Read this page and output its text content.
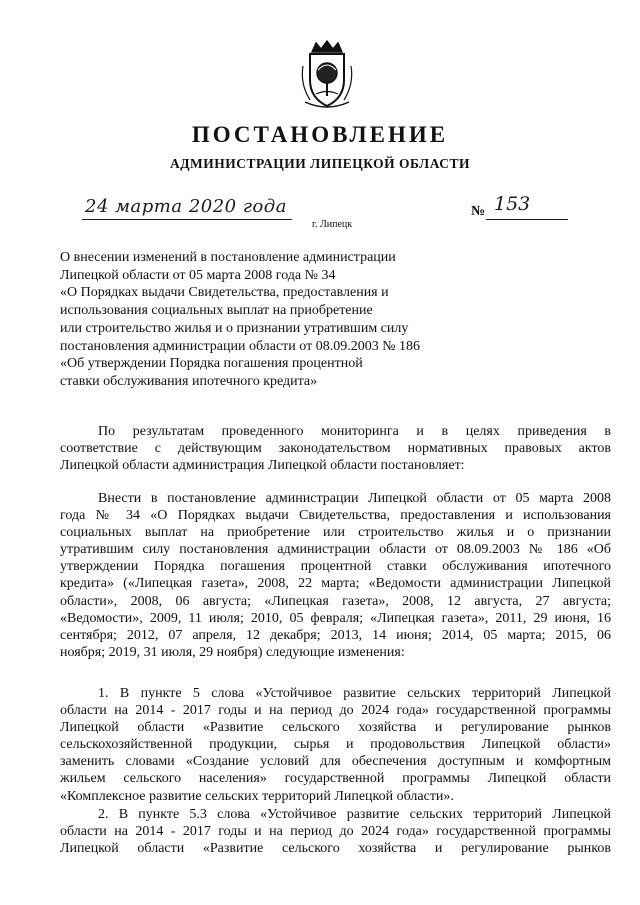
ПОСТАНОВЛЕНИЕ
АДМИНИСТРАЦИИ ЛИПЕЦКОЙ ОБЛАСТИ
24 марта 2020 года
г. Липецк
№ 153
О внесении изменений в постановление администрации
Липецкой области от 05 марта 2008 года № 34
«О Порядках выдачи Свидетельства, предоставления и
использования социальных выплат на приобретение
или строительство жилья и о признании утратившим силу
постановления администрации области от 08.09.2003 № 186
«Об утверждении Порядка погашения процентной
ставки обслуживания ипотечного кредита»
По результатам проведенного мониторинга и в целях приведения в
соответствие с действующим законодательством нормативных правовых актов
Липецкой области администрация Липецкой области постановляет:
Внести в постановление администрации Липецкой области от 05 марта 2008
года № 34 «О Порядках выдачи Свидетельства, предоставления и использования
социальных выплат на приобретение или строительство жилья и о признании
утратившим силу постановления администрации области от 08.09.2003 № 186 «Об
утверждении Порядка погашения процентной ставки обслуживания ипотечного
кредита» («Липецкая газета», 2008, 22 марта; «Ведомости администрации Липецкой
области», 2008, 06 августа; «Липецкая газета», 2008, 12 августа, 27 августа;
«Ведомости», 2009, 11 июля; 2010, 05 февраля; «Липецкая газета», 2011, 29 июня, 16
сентября; 2012, 07 апреля, 12 декабря; 2013, 14 июня; 2014, 05 марта; 2015, 06
ноября; 2019, 31 июля, 29 ноября) следующие изменения:
1. В пункте 5 слова «Устойчивое развитие сельских территорий Липецкой
области на 2014 - 2017 годы и на период до 2024 года» государственной программы
Липецкой области «Развитие сельского хозяйства и регулирование рынков
сельскохозяйственной продукции, сырья и продовольствия Липецкой области»
заменить словами «Создание условий для обеспечения доступным и комфортным
жильем сельского населения» государственной программы Липецкой области
«Комплексное развитие сельских территорий Липецкой области».
2. В пункте 5.3 слова «Устойчивое развитие сельских территорий Липецкой
области на 2014 - 2017 годы и на период до 2024 года» государственной программы
Липецкой области «Развитие сельского хозяйства и регулирование рынков
